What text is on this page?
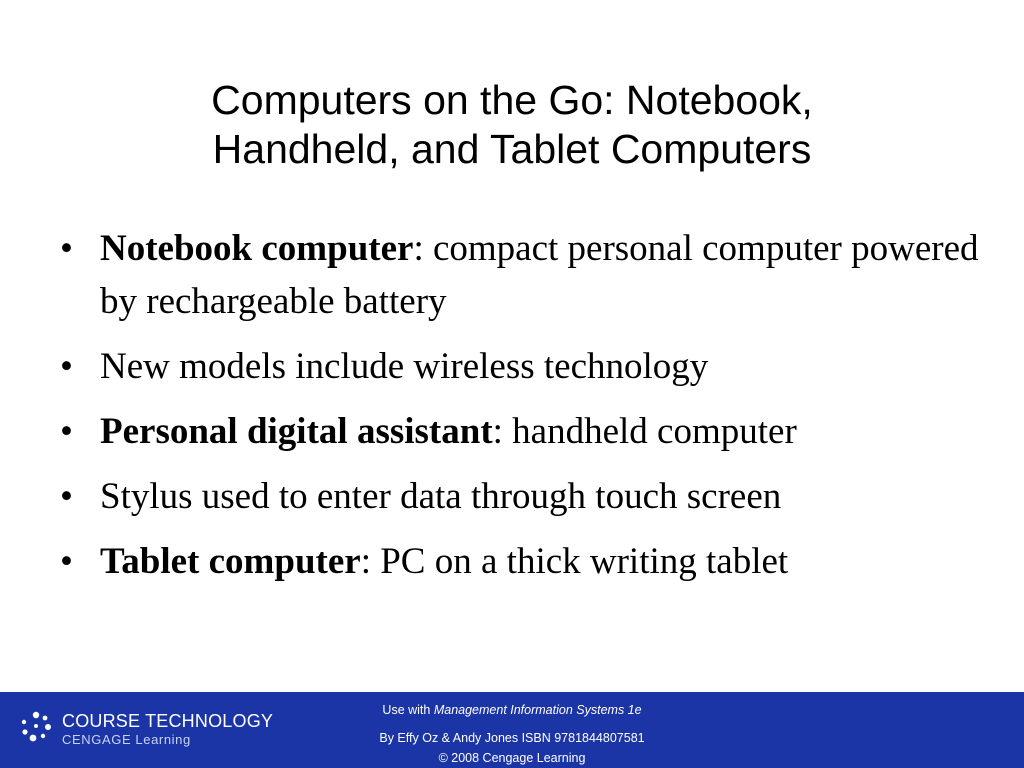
Computers on the Go: Notebook,
Handheld, and Tablet Computers
• Notebook computer: compact personal computer powered by rechargeable battery
• New models include wireless technology
• Personal digital assistant: handheld computer
• Stylus used to enter data through touch screen
• Tablet computer: PC on a thick writing tablet
COURSE TECHNOLOGY
CENGAGE Learning
Use with Management Information Systems 1e
By Effy Oz & Andy Jones ISBN 9781844807581
© 2008 Cengage Learning
